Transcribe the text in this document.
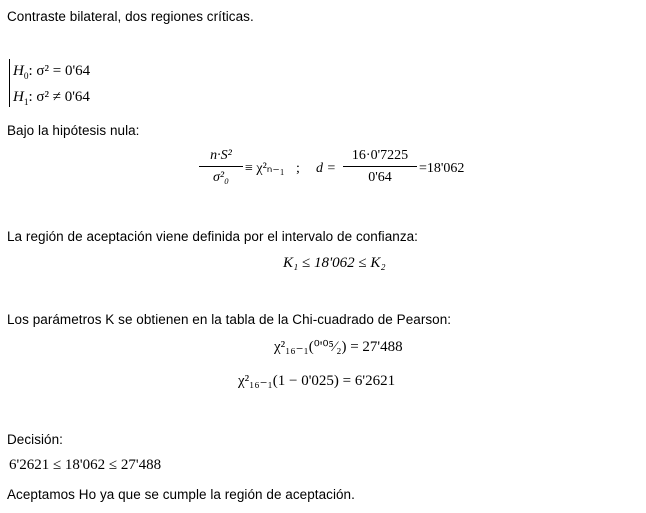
Contraste bilateral, dos regiones críticas.
$H_0$: σ² = 0'64
$H_1$: σ² ≠ 0'64
Bajo la hipótesis nula:
n·S²
σ²₀
≡ χ²ₙ₋₁ ; d =
16·0'7225
0'64
=18'062
La región de aceptación viene definida por el intervalo de confianza:
K₁ ≤ 18'062 ≤ K₂
Los parámetros K se obtienen en la tabla de la Chi-cuadrado de Pearson:
χ²₁₆₋₁(⁰'⁰⁵⁄₂) = 27'488
χ²₁₆₋₁(1 − 0'025) = 6'2621
Decisión:
6'2621 ≤ 18'062 ≤ 27'488
Aceptamos Ho ya que se cumple la región de aceptación.
